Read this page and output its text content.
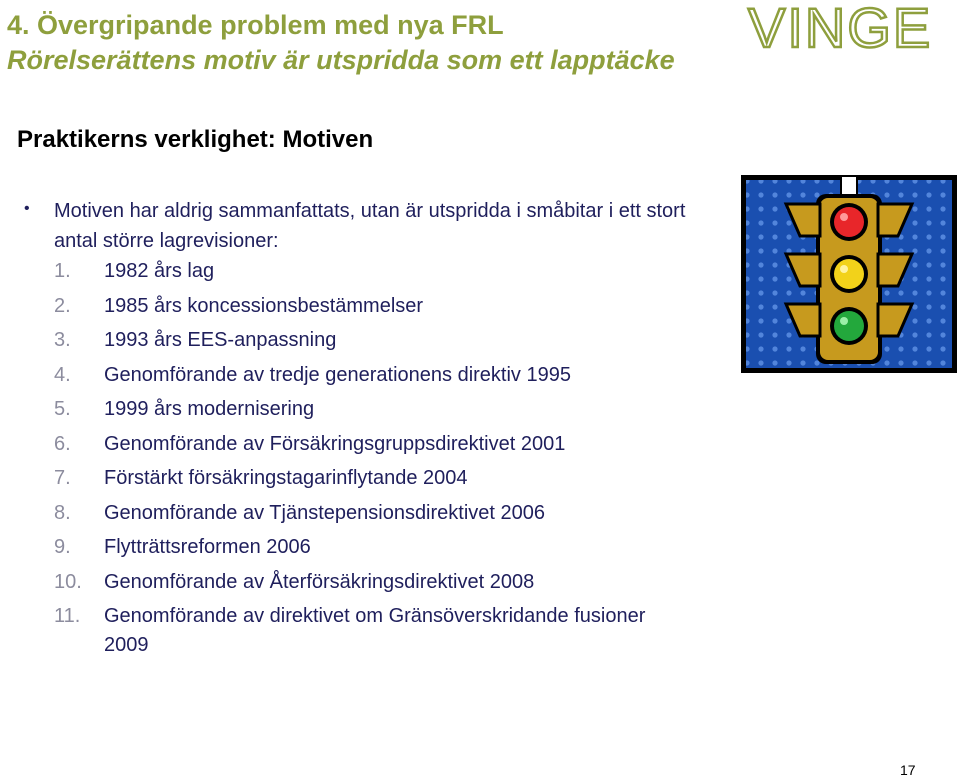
4. Övergripande problem med nya FRL
Rörelserättens motiv är utspridda som ett lapptäcke
VINGE
Praktikerns verklighet: Motiven
• Motiven har aldrig sammanfattats, utan är utspridda i småbitar i ett stort antal större lagrevisioner:
1.	1982 års lag
2.	1985 års koncessionsbestämmelser
3.	1993 års EES-anpassning
4.	Genomförande av tredje generationens direktiv 1995
5.	1999 års modernisering
6.	Genomförande av Försäkringsgruppsdirektivet 2001
7.	Förstärkt försäkringstagarinflytande 2004
8.	Genomförande av Tjänstepensionsdirektivet 2006
9.	Flytträttsreformen 2006
10.	Genomförande av Återförsäkringsdirektivet 2008
11.	Genomförande av direktivet om Gränsöverskridande fusioner 2009
17
